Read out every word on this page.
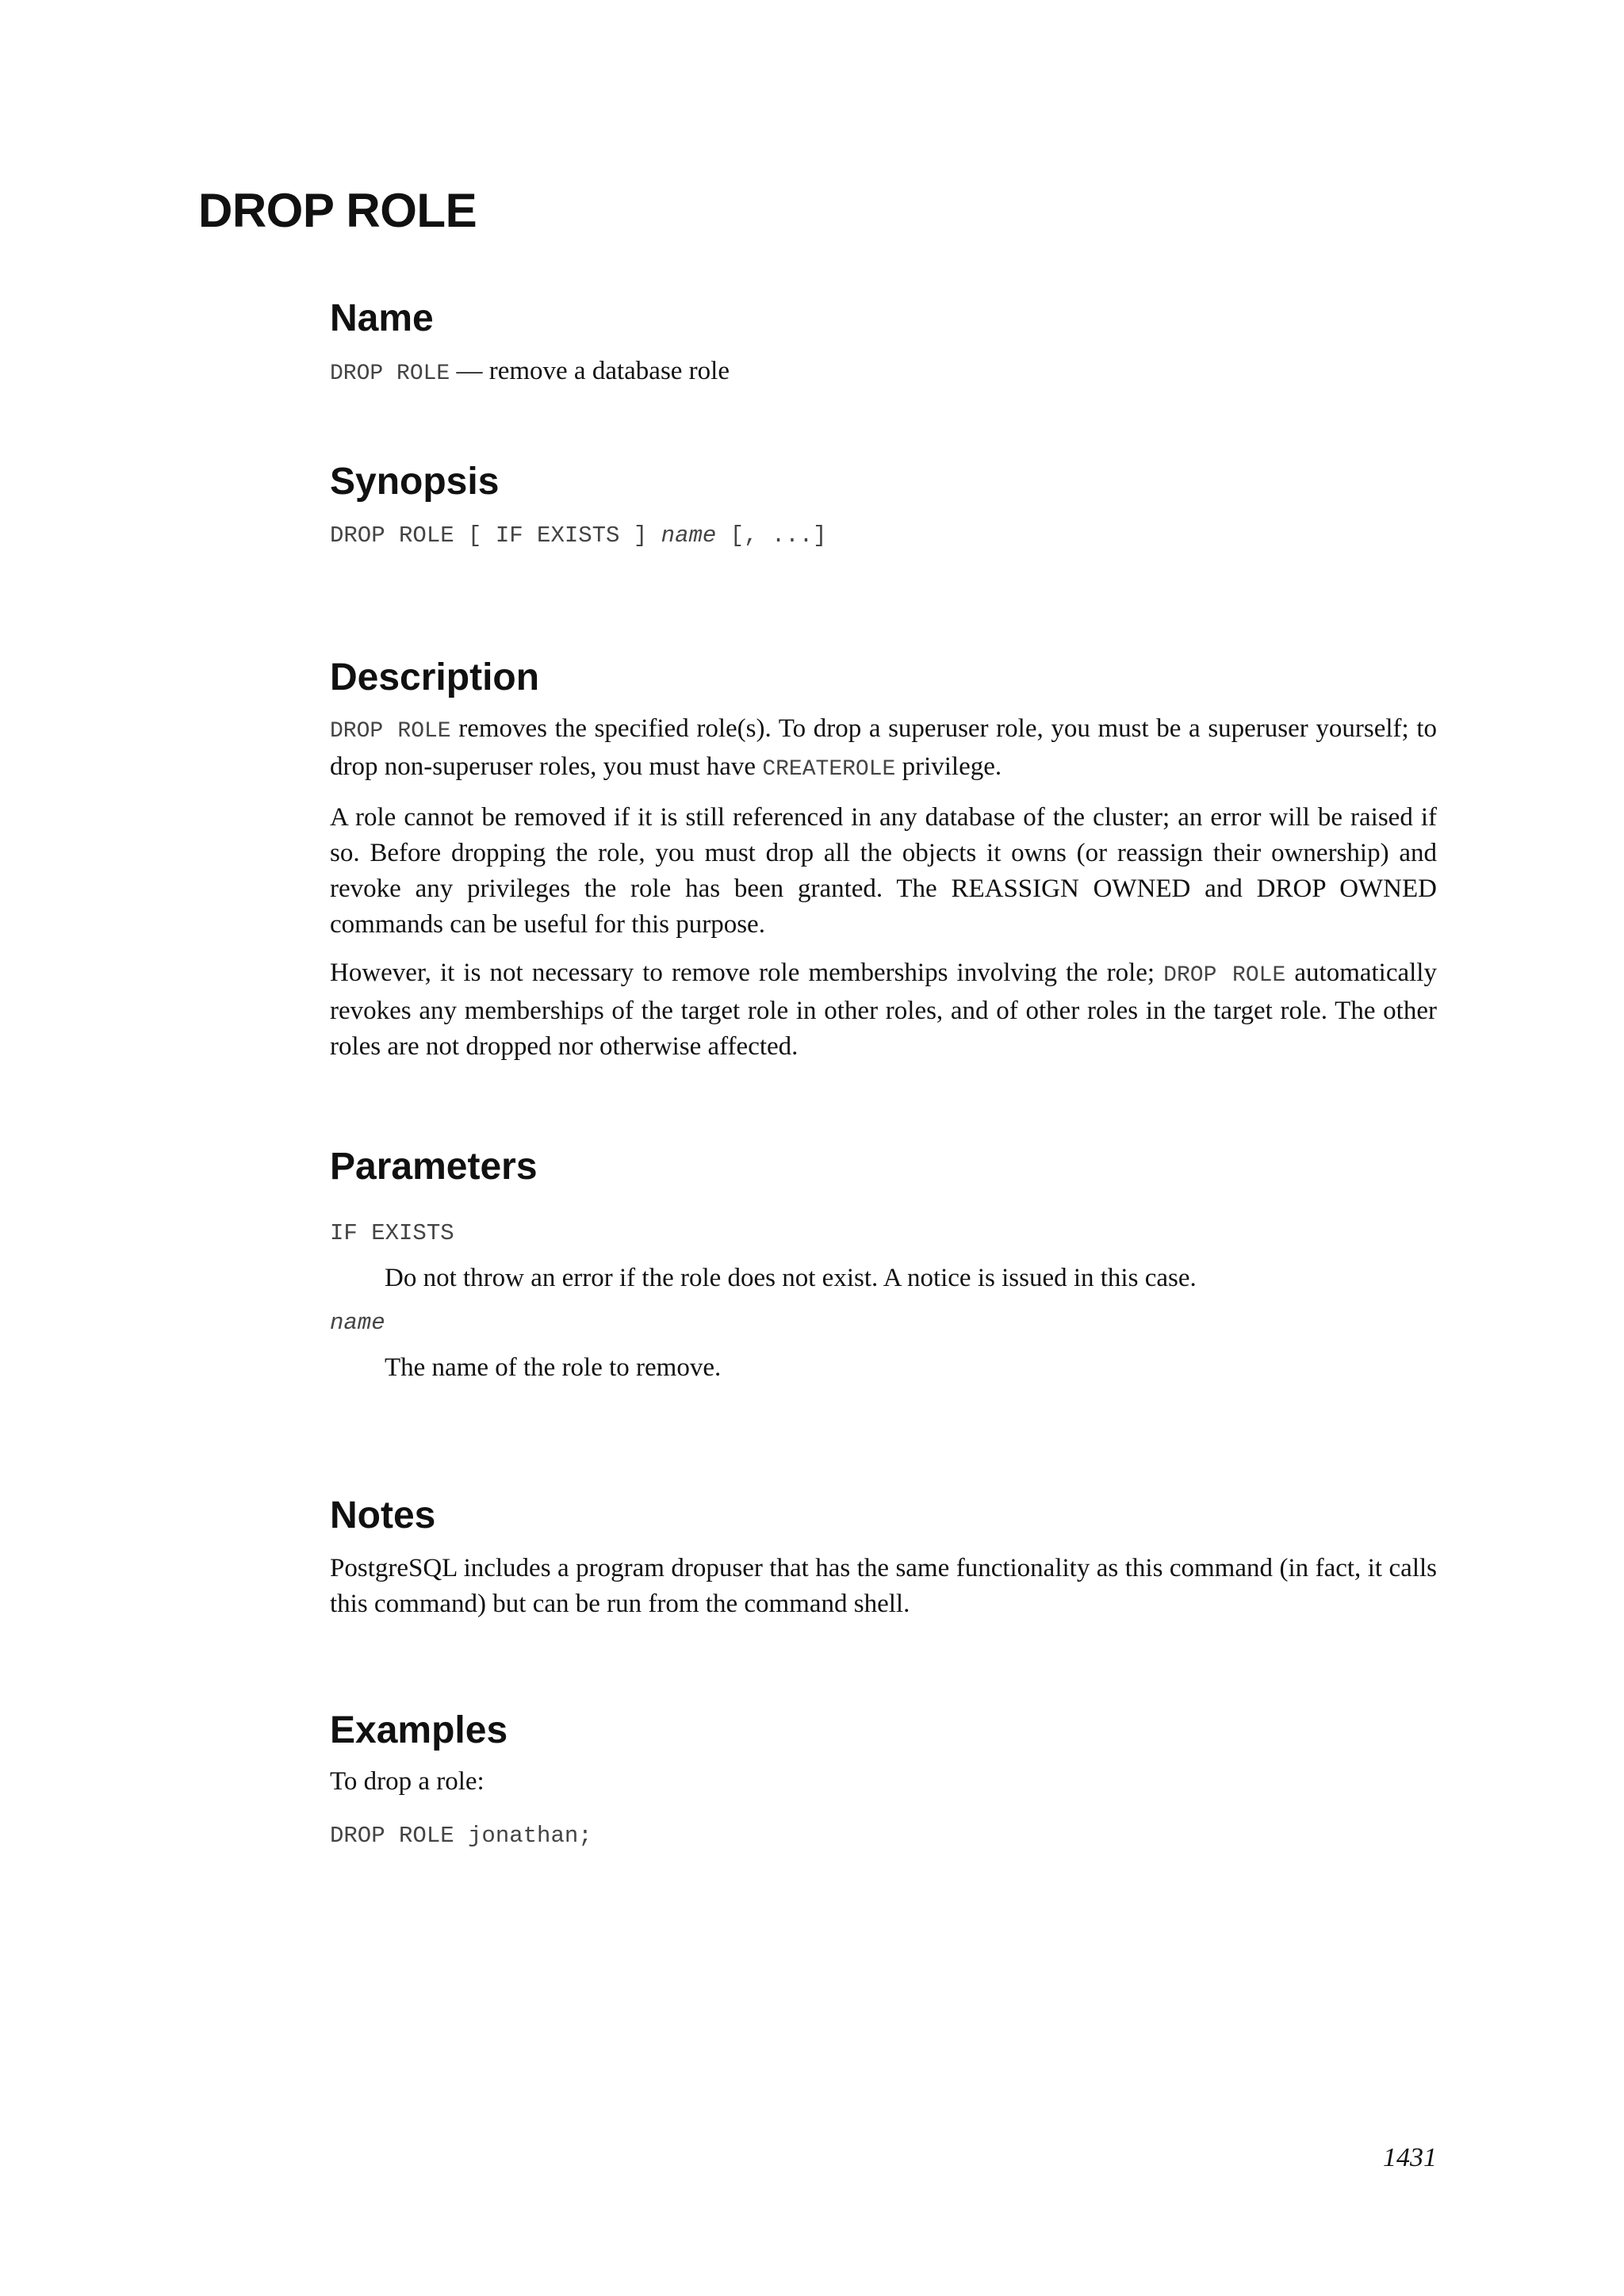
DROP ROLE
Name

DROP ROLE — remove a database role

Synopsis

DROP ROLE [ IF EXISTS ] name [, ...]

Description

DROP ROLE removes the specified role(s). To drop a superuser role, you must be a superuser yourself; to drop non-superuser roles, you must have CREATEROLE privilege.

A role cannot be removed if it is still referenced in any database of the cluster; an error will be raised if so. Before dropping the role, you must drop all the objects it owns (or reassign their ownership) and revoke any privileges the role has been granted. The REASSIGN OWNED and DROP OWNED commands can be useful for this purpose.

However, it is not necessary to remove role memberships involving the role; DROP ROLE automatically revokes any memberships of the target role in other roles, and of other roles in the target role. The other roles are not dropped nor otherwise affected.

Parameters
IF EXISTS
Do not throw an error if the role does not exist. A notice is issued in this case.
name
The name of the role to remove.
Notes

PostgreSQL includes a program dropuser that has the same functionality as this command (in fact, it calls this command) but can be run from the command shell.

Examples

To drop a role:

DROP ROLE jonathan;

1431
